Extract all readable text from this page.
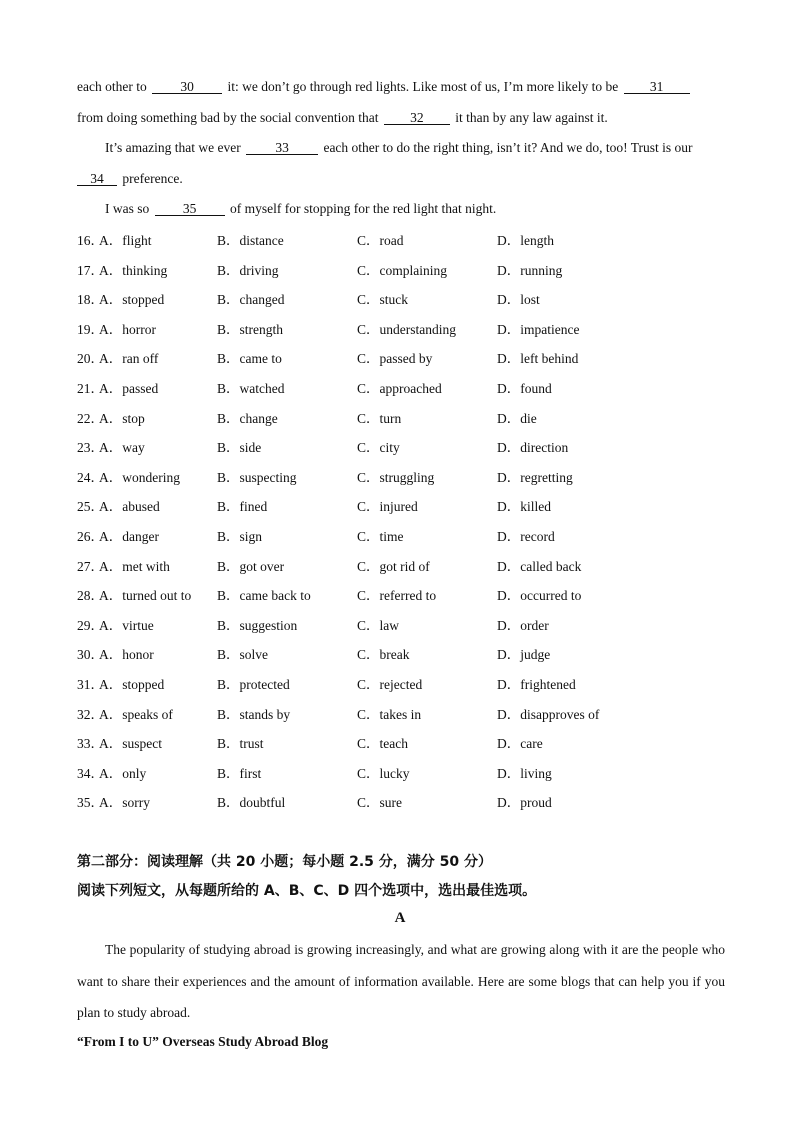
each other to 30 it: we don’t go through red lights. Like most of us, I’m more likely to be 31
from doing something bad by the social convention that 32 it than by any law against it.
It’s amazing that we ever	33	each other to do the right thing, isn’t it? And we do, too! Trust is our
34 preference.
I was so 35 of myself for stopping for the red light that night.
16．
A．flight	B．distance	C．road	D．length
17．
A．thinking	B．driving	C．complaining	D．running
18．
A．stopped	B．changed	C．stuck	D．lost
19．
A．horror	B．strength	C．understanding	D．impatience
20．
A．ran off	B．came to	C．passed by	D．left behind
21．
A．passed	B．watched	C．approached	D．found
22．
A．stop	B．change	C．turn	D．die
23．
A．way	B．side	C．city	D．direction
24．
A．wondering	B．suspecting	C．struggling	D．regretting
25．
A．abused	B．fined	C．injured	D．killed
26．
A．danger	B．sign	C．time	D．record
27．
A．met with	B．got over	C．got rid of	D．called back
28．
A．turned out to B．came back to	C．referred to	D．occurred to
29．
A．virtue	B．suggestion	C．law	D．order
30．
A．honor	B．solve	C．break	D．judge
31．
A．stopped	B．protected	C．rejected	D．frightened
32．
A．speaks of	B．stands by	C．takes in	D．disapproves of
33．
A．suspect	B．trust	C．teach	D．care
34．
A．only	B．first	C．lucky	D．living
35．
A．sorry	B．doubtful	C．sure	D．proud
第二部分：阅读理解（共 20 小题；每小题 2.5 分，满分 50 分）
阅读下列短文，从每题所给的 A、B、C、D 四个选项中，选出最佳选项。
A
The popularity of studying abroad is growing increasingly, and what are growing along with it are the people who want to share their experiences and the amount of information available. Here are some blogs that can help you if you plan to study abroad.
“From I to U” Overseas Study Abroad Blog
